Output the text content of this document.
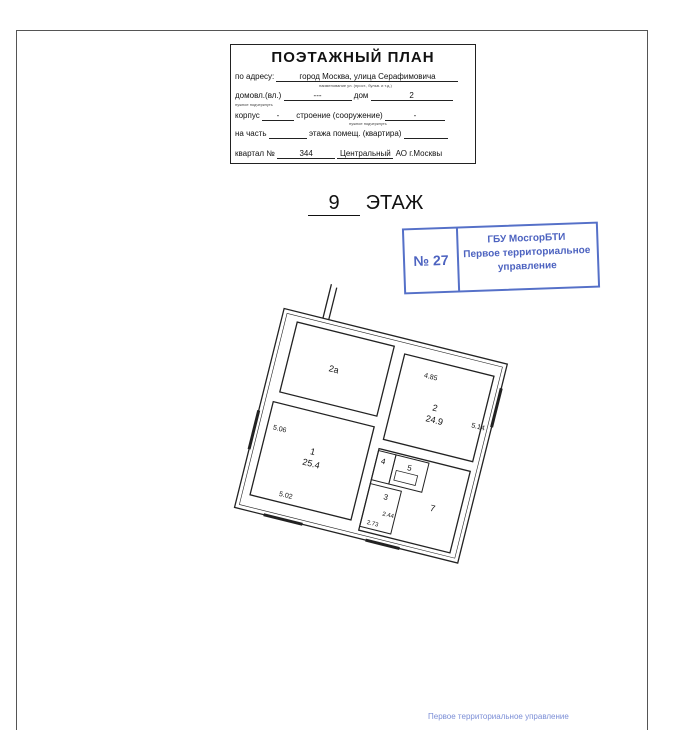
ПОЭТАЖНЫЙ ПЛАН
по адресу:	город Москва, улица Серафимовича
наименование ул. (прост., бульв. и т.д.)
домовл.(вл.)	---	дом	2
нужное подчеркнуть
корпус - строение (сооружение)	-
нужное подчеркнуть
на часть	этажа помещ. (квартира)
квартал №	344	Центральный АО г.Москвы
9 ЭТАЖ
№ 27
ГБУ МосгорБТИ
Первое территориальное
управление
2а
2
24.9
4.85
5.14
1
25.4
5.06
5.02
4
5
3
2.44
2.73
7
Первое территориальное управление
